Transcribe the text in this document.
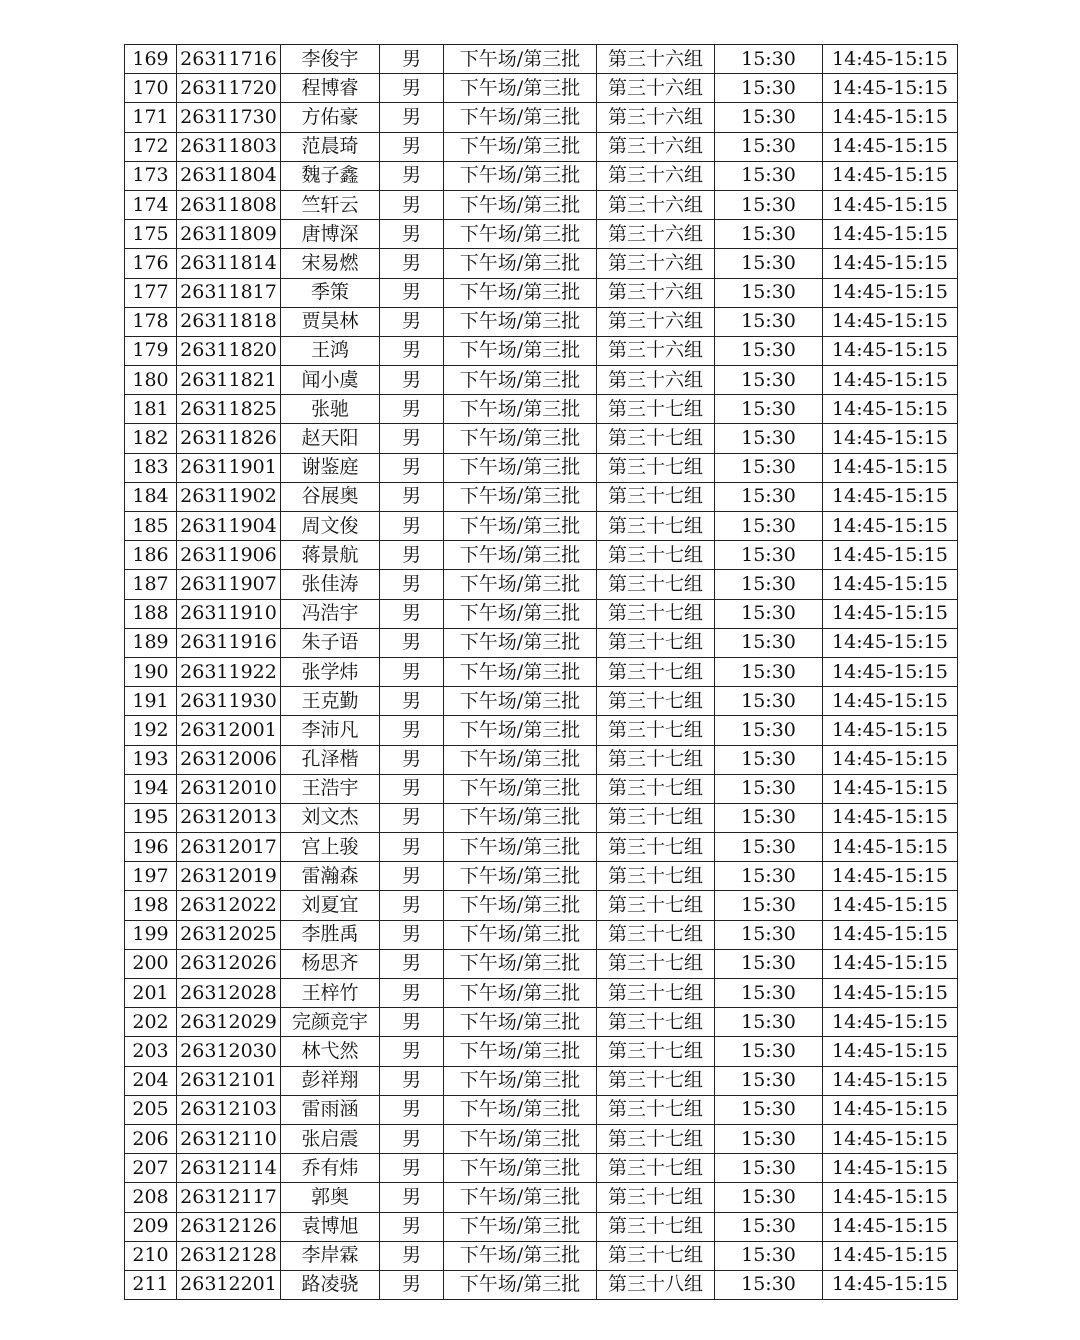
169	26311716	李俊宇	男	下午场/第三批	第三十六组	15:30	14:45-15:15
170	26311720	程博睿	男	下午场/第三批	第三十六组	15:30	14:45-15:15
171	26311730	方佑豪	男	下午场/第三批	第三十六组	15:30	14:45-15:15
172	26311803	范晨琦	男	下午场/第三批	第三十六组	15:30	14:45-15:15
173	26311804	魏子鑫	男	下午场/第三批	第三十六组	15:30	14:45-15:15
174	26311808	竺轩云	男	下午场/第三批	第三十六组	15:30	14:45-15:15
175	26311809	唐博深	男	下午场/第三批	第三十六组	15:30	14:45-15:15
176	26311814	宋易燃	男	下午场/第三批	第三十六组	15:30	14:45-15:15
177	26311817	季策	男	下午场/第三批	第三十六组	15:30	14:45-15:15
178	26311818	贾昊林	男	下午场/第三批	第三十六组	15:30	14:45-15:15
179	26311820	王鸿	男	下午场/第三批	第三十六组	15:30	14:45-15:15
180	26311821	闻小虞	男	下午场/第三批	第三十六组	15:30	14:45-15:15
181	26311825	张驰	男	下午场/第三批	第三十七组	15:30	14:45-15:15
182	26311826	赵天阳	男	下午场/第三批	第三十七组	15:30	14:45-15:15
183	26311901	谢鉴庭	男	下午场/第三批	第三十七组	15:30	14:45-15:15
184	26311902	谷展奥	男	下午场/第三批	第三十七组	15:30	14:45-15:15
185	26311904	周文俊	男	下午场/第三批	第三十七组	15:30	14:45-15:15
186	26311906	蒋景航	男	下午场/第三批	第三十七组	15:30	14:45-15:15
187	26311907	张佳涛	男	下午场/第三批	第三十七组	15:30	14:45-15:15
188	26311910	冯浩宇	男	下午场/第三批	第三十七组	15:30	14:45-15:15
189	26311916	朱子语	男	下午场/第三批	第三十七组	15:30	14:45-15:15
190	26311922	张学炜	男	下午场/第三批	第三十七组	15:30	14:45-15:15
191	26311930	王克勤	男	下午场/第三批	第三十七组	15:30	14:45-15:15
192	26312001	李沛凡	男	下午场/第三批	第三十七组	15:30	14:45-15:15
193	26312006	孔泽楷	男	下午场/第三批	第三十七组	15:30	14:45-15:15
194	26312010	王浩宇	男	下午场/第三批	第三十七组	15:30	14:45-15:15
195	26312013	刘文杰	男	下午场/第三批	第三十七组	15:30	14:45-15:15
196	26312017	宫上骏	男	下午场/第三批	第三十七组	15:30	14:45-15:15
197	26312019	雷瀚森	男	下午场/第三批	第三十七组	15:30	14:45-15:15
198	26312022	刘夏宜	男	下午场/第三批	第三十七组	15:30	14:45-15:15
199	26312025	李胜禹	男	下午场/第三批	第三十七组	15:30	14:45-15:15
200	26312026	杨思齐	男	下午场/第三批	第三十七组	15:30	14:45-15:15
201	26312028	王梓竹	男	下午场/第三批	第三十七组	15:30	14:45-15:15
202	26312029	完颜竞宇	男	下午场/第三批	第三十七组	15:30	14:45-15:15
203	26312030	林弋然	男	下午场/第三批	第三十七组	15:30	14:45-15:15
204	26312101	彭祥翔	男	下午场/第三批	第三十七组	15:30	14:45-15:15
205	26312103	雷雨涵	男	下午场/第三批	第三十七组	15:30	14:45-15:15
206	26312110	张启震	男	下午场/第三批	第三十七组	15:30	14:45-15:15
207	26312114	乔有炜	男	下午场/第三批	第三十七组	15:30	14:45-15:15
208	26312117	郭奥	男	下午场/第三批	第三十七组	15:30	14:45-15:15
209	26312126	袁博旭	男	下午场/第三批	第三十七组	15:30	14:45-15:15
210	26312128	李岸霖	男	下午场/第三批	第三十七组	15:30	14:45-15:15
211	26312201	路凌骁	男	下午场/第三批	第三十八组	15:30	14:45-15:15
